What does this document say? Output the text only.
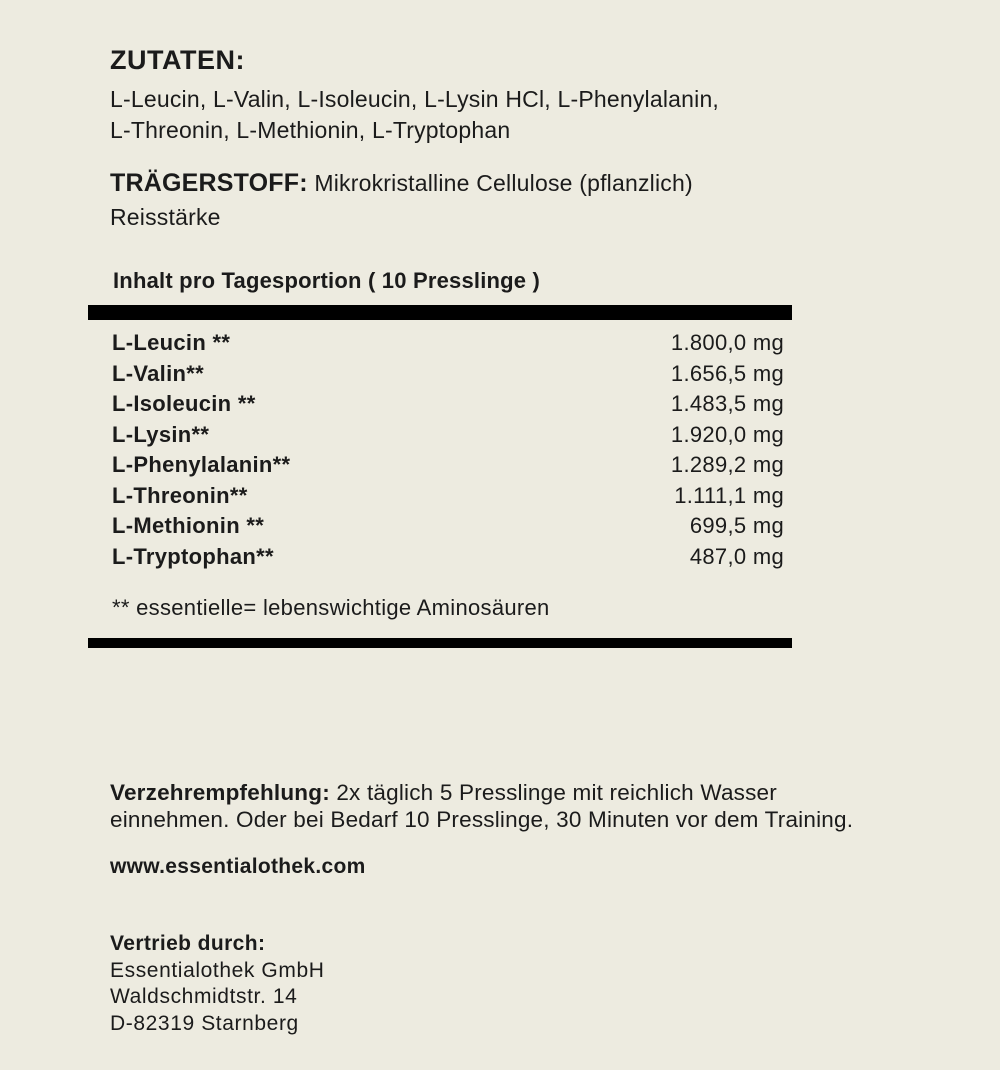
ZUTATEN:

L-Leucin, L-Valin, L-Isoleucin, L-Lysin HCl, L-Phenylalanin,
L-Threonin, L-Methionin, L-Tryptophan

TRÄGERSTOFF: Mikrokristalline Cellulose (pflanzlich)
Reisstärke

Inhalt pro Tagesportion ( 10 Presslinge )
L-Leucin **	1.800,0 mg
L-Valin**	1.656,5 mg
L-Isoleucin **	1.483,5 mg
L-Lysin**	1.920,0 mg
L-Phenylalanin**	1.289,2 mg
L-Threonin**	1.111,1 mg
L-Methionin **	699,5 mg
L-Tryptophan**	487,0 mg
** essentielle= lebenswichtige Aminosäuren

Verzehrempfehlung: 2x täglich 5 Presslinge mit reichlich Wasser einnehmen. Oder bei Bedarf 10 Presslinge, 30 Minuten vor dem Training.

www.essentialothek.com

Vertrieb durch:
Essentialothek GmbH
Waldschmidtstr. 14
D-82319 Starnberg
